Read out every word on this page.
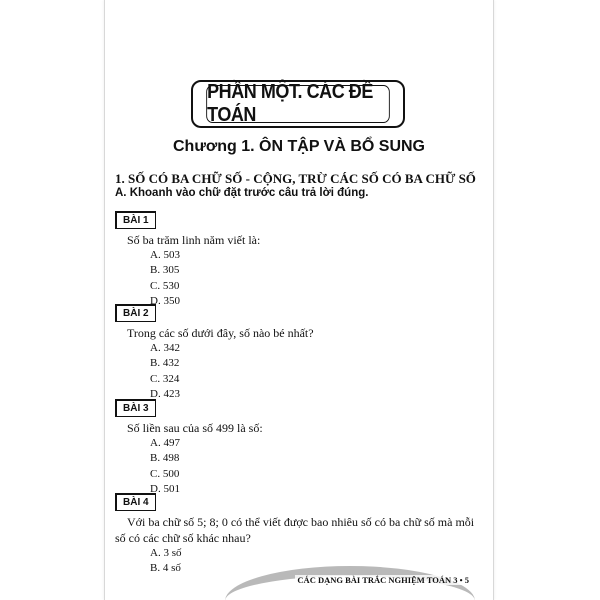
PHẦN MỘT. CÁC ĐỀ TOÁN
Chương 1. ÔN TẬP VÀ BỔ SUNG
1. SỐ CÓ BA CHỮ SỐ - CỘNG, TRỪ CÁC SỐ CÓ BA CHỮ SỐ
A. Khoanh vào chữ đặt trước câu trả lời đúng.
BÀI 1
Số ba trăm linh năm viết là:
A. 503
B. 305
C. 530
D. 350
BÀI 2
Trong các số dưới đây, số nào bé nhất?
A. 342
B. 432
C. 324
D. 423
BÀI 3
Số liền sau của số 499 là số:
A. 497
B. 498
C. 500
D. 501
BÀI 4
Với ba chữ số 5; 8; 0 có thể viết được bao nhiêu số có ba chữ số mà mỗi số có các chữ số khác nhau?
A. 3 số
B. 4 số
CÁC DẠNG BÀI TRẮC NGHIỆM TOÁN 3 • 5
